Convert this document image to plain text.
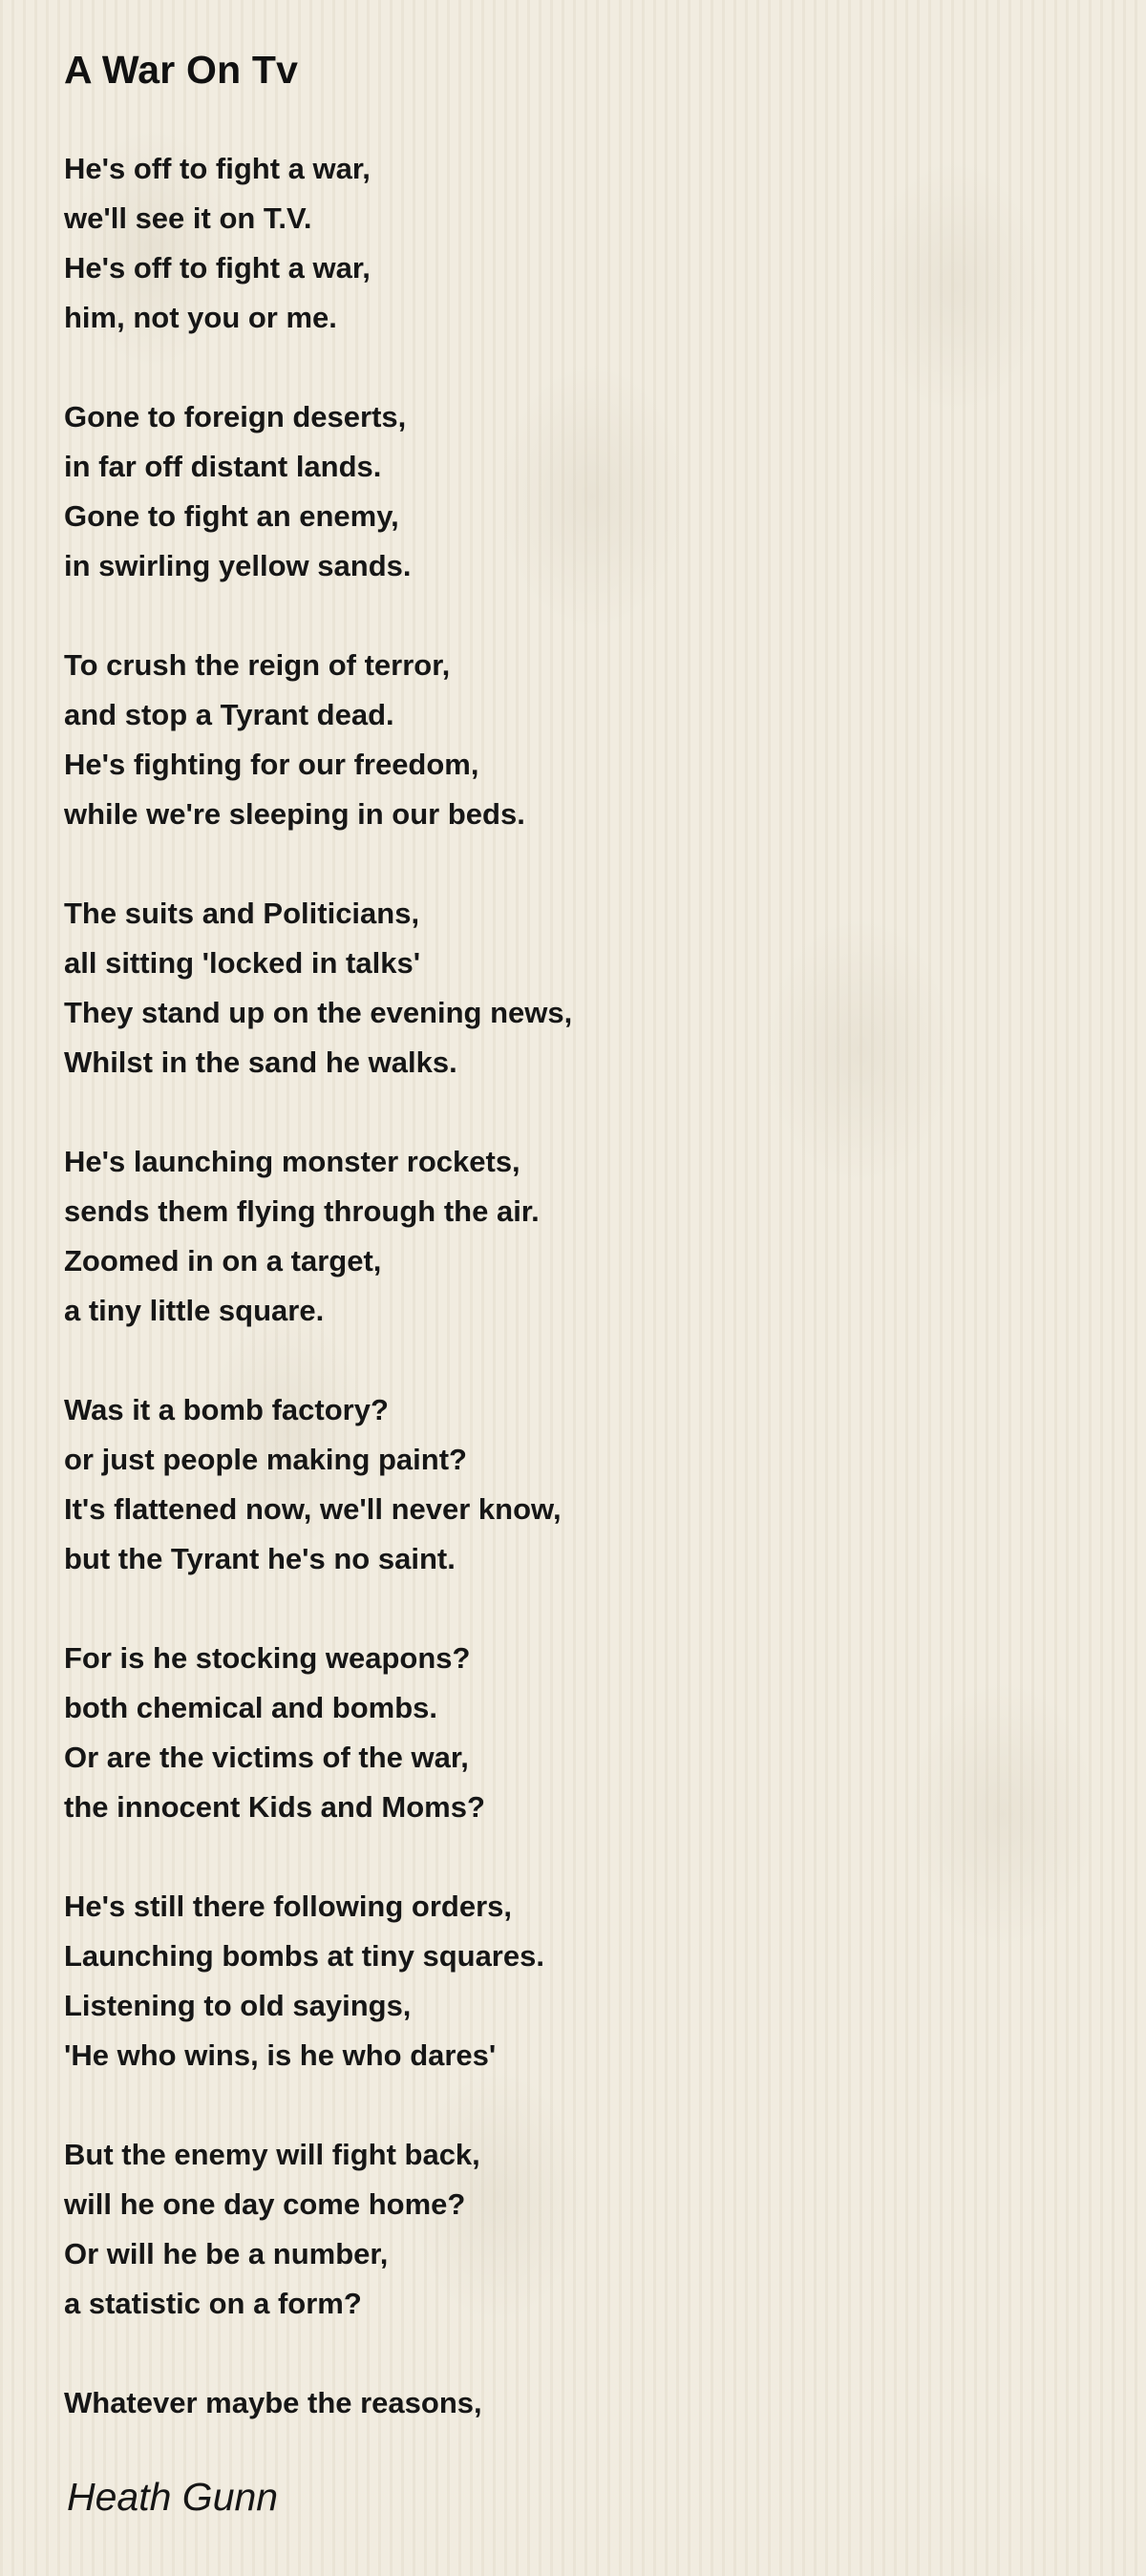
A War On Tv
He's off to fight a war,
we'll see it on T.V.
He's off to fight a war,
him, not you or me.
Gone to foreign deserts,
in far off distant lands.
Gone to fight an enemy,
in swirling yellow sands.
To crush the reign of terror,
and stop a Tyrant dead.
He's fighting for our freedom,
while we're sleeping in our beds.
The suits and Politicians,
all sitting 'locked in talks'
They stand up on the evening news,
Whilst in the sand he walks.
He's launching monster rockets,
sends them flying through the air.
Zoomed in on a target,
a tiny little square.
Was it a bomb factory?
or just people making paint?
It's flattened now, we'll never know,
but the Tyrant he's no saint.
For is he stocking weapons?
both chemical and bombs.
Or are the victims of the war,
the innocent Kids and Moms?
He's still there following orders,
Launching bombs at tiny squares.
Listening to old sayings,
'He who wins, is he who dares'
But the enemy will fight back,
will he one day come home?
Or will he be a number,
a statistic on a form?
Whatever maybe the reasons,
Heath Gunn
